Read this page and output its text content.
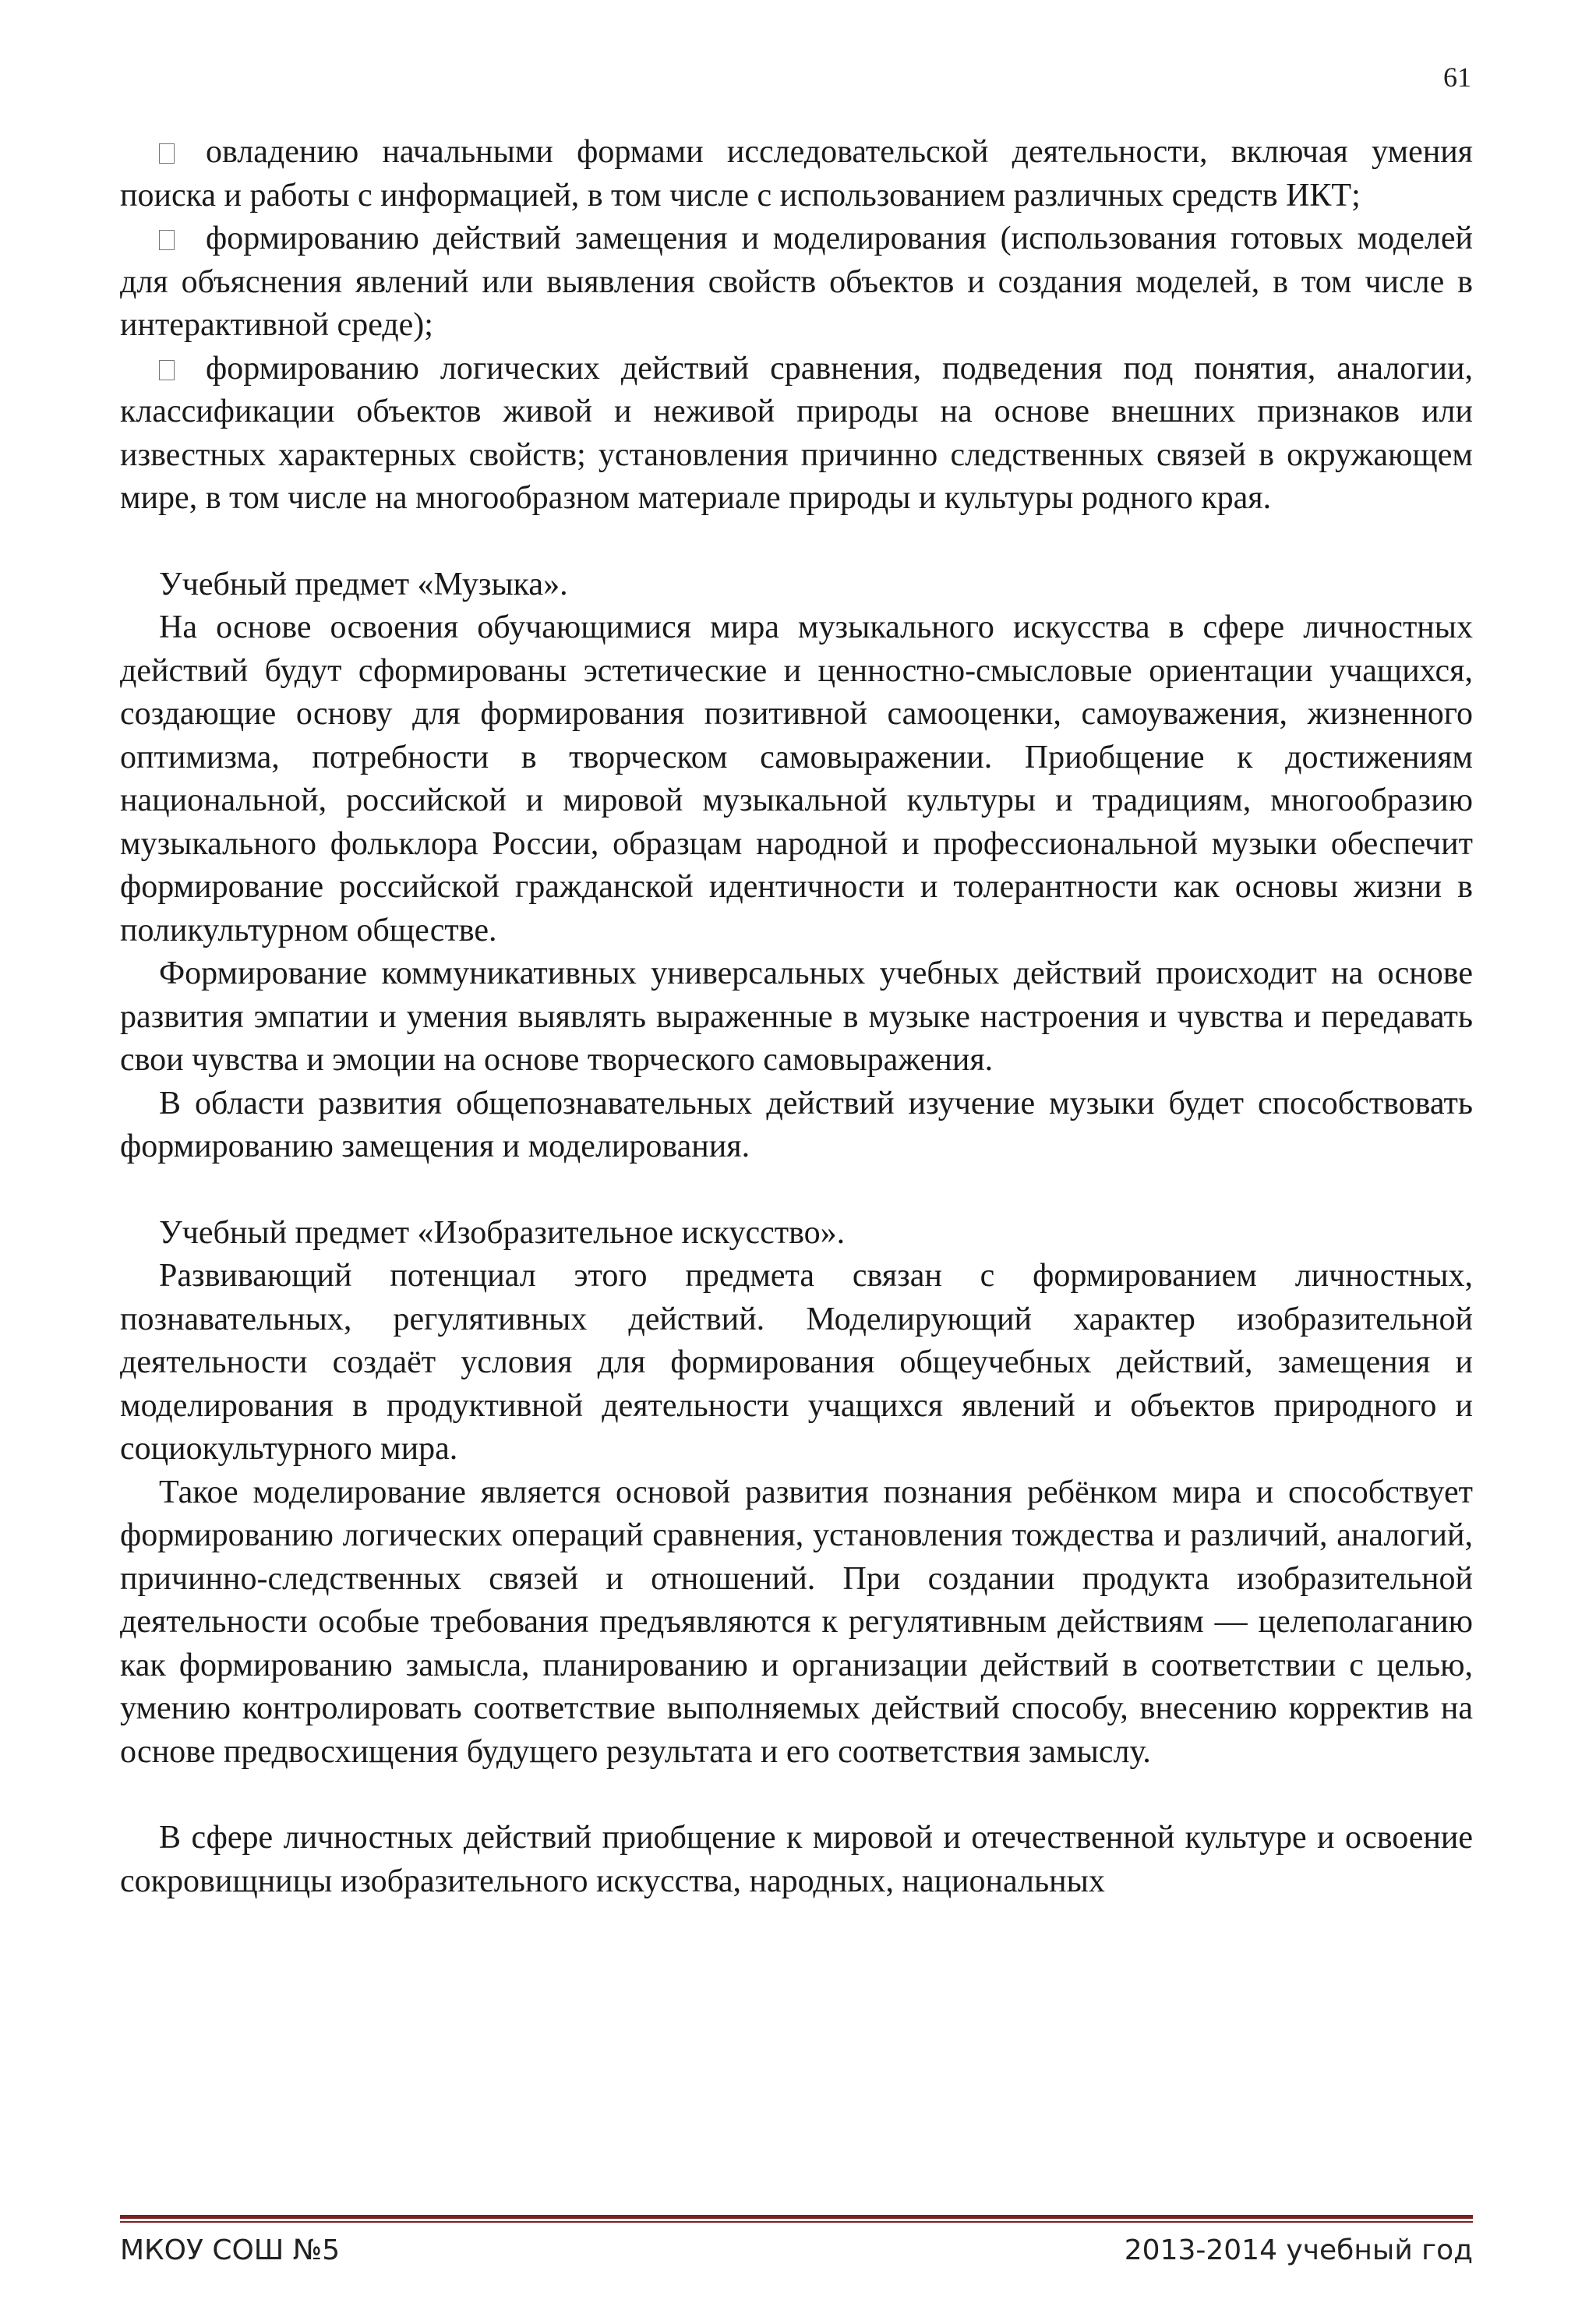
61

овладению начальными формами исследовательской деятельности, включая умения поиска и работы с информацией, в том числе с использованием различных средств ИКТ;

формированию действий замещения и моделирования (использования готовых моделей для объяснения явлений или выявления свойств объектов и создания моделей, в том числе в интерактивной среде);

формированию логических действий сравнения, подведения под понятия, аналогии, классификации объектов живой и неживой природы на основе внешних признаков или известных характерных свойств; установления причинно следственных связей в окружающем мире, в том числе на многообразном материале природы и культуры родного края.

Учебный предмет «Музыка».

На основе освоения обучающимися мира музыкального искусства в сфере личностных действий будут сформированы эстетические и ценностно-смысловые ориентации учащихся, создающие основу для формирования позитивной самооценки, самоуважения, жизненного оптимизма, потребности в творческом самовыражении. Приобщение к достижениям национальной, российской и мировой музыкальной культуры и традициям, многообразию музыкального фольклора России, образцам народной и профессиональной музыки обеспечит формирование российской гражданской идентичности и толерантности как основы жизни в поликультурном обществе.

Формирование коммуникативных универсальных учебных действий происходит на основе развития эмпатии и умения выявлять выраженные в музыке настроения и чувства и передавать свои чувства и эмоции на основе творческого самовыражения.

В области развития общепознавательных действий изучение музыки будет способствовать формированию замещения и моделирования.

Учебный предмет «Изобразительное искусство».

Развивающий потенциал этого предмета связан с формированием личностных, познавательных, регулятивных действий. Моделирующий характер изобразительной деятельности создаёт условия для формирования общеучебных действий, замещения и моделирования в продуктивной деятельности учащихся явлений и объектов природного и социокультурного мира.

Такое моделирование является основой развития познания ребёнком мира и способствует формированию логических операций сравнения, установления тождества и различий, аналогий, причинно-следственных связей и отношений. При создании продукта изобразительной деятельности особые требования предъявляются к регулятивным действиям — целеполаганию как формированию замысла, планированию и организации действий в соответствии с целью, умению контролировать соответствие выполняемых действий способу, внесению корректив на основе предвосхищения будущего результата и его соответствия замыслу.

В сфере личностных действий приобщение к мировой и отечественной культуре и освоение сокровищницы изобразительного искусства, народных, национальных

МКОУ СОШ №5	2013-2014 учебный год
